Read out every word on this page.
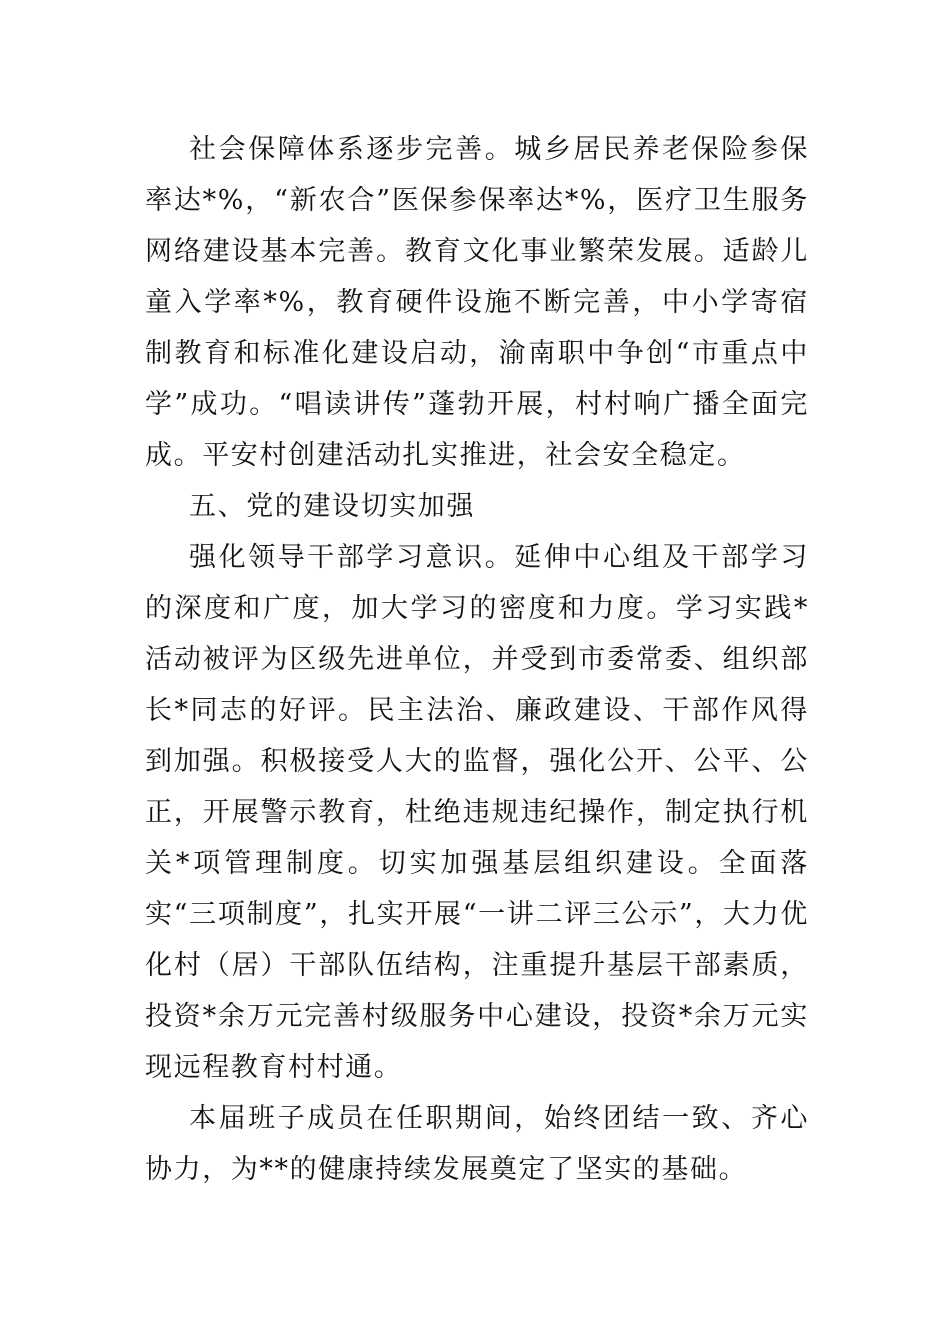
社会保障体系逐步完善。城乡居民养老保险参保率达*%，“新农合”医保参保率达*%，医疗卫生服务网络建设基本完善。教育文化事业繁荣发展。适龄儿童入学率*%，教育硬件设施不断完善，中小学寄宿制教育和标准化建设启动，渝南职中争创“市重点中学”成功。“唱读讲传”蓬勃开展，村村响广播全面完成。平安村创建活动扎实推进，社会安全稳定。

五、党的建设切实加强

强化领导干部学习意识。延伸中心组及干部学习的深度和广度，加大学习的密度和力度。学习实践*活动被评为区级先进单位，并受到市委常委、组织部长*同志的好评。民主法治、廉政建设、干部作风得到加强。积极接受人大的监督，强化公开、公平、公正，开展警示教育，杜绝违规违纪操作，制定执行机关*项管理制度。切实加强基层组织建设。全面落实“三项制度”，扎实开展“一讲二评三公示”，大力优化村（居）干部队伍结构，注重提升基层干部素质，投资*余万元完善村级服务中心建设，投资*余万元实现远程教育村村通。

本届班子成员在任职期间，始终团结一致、齐心协力，为**的健康持续发展奠定了坚实的基础。
